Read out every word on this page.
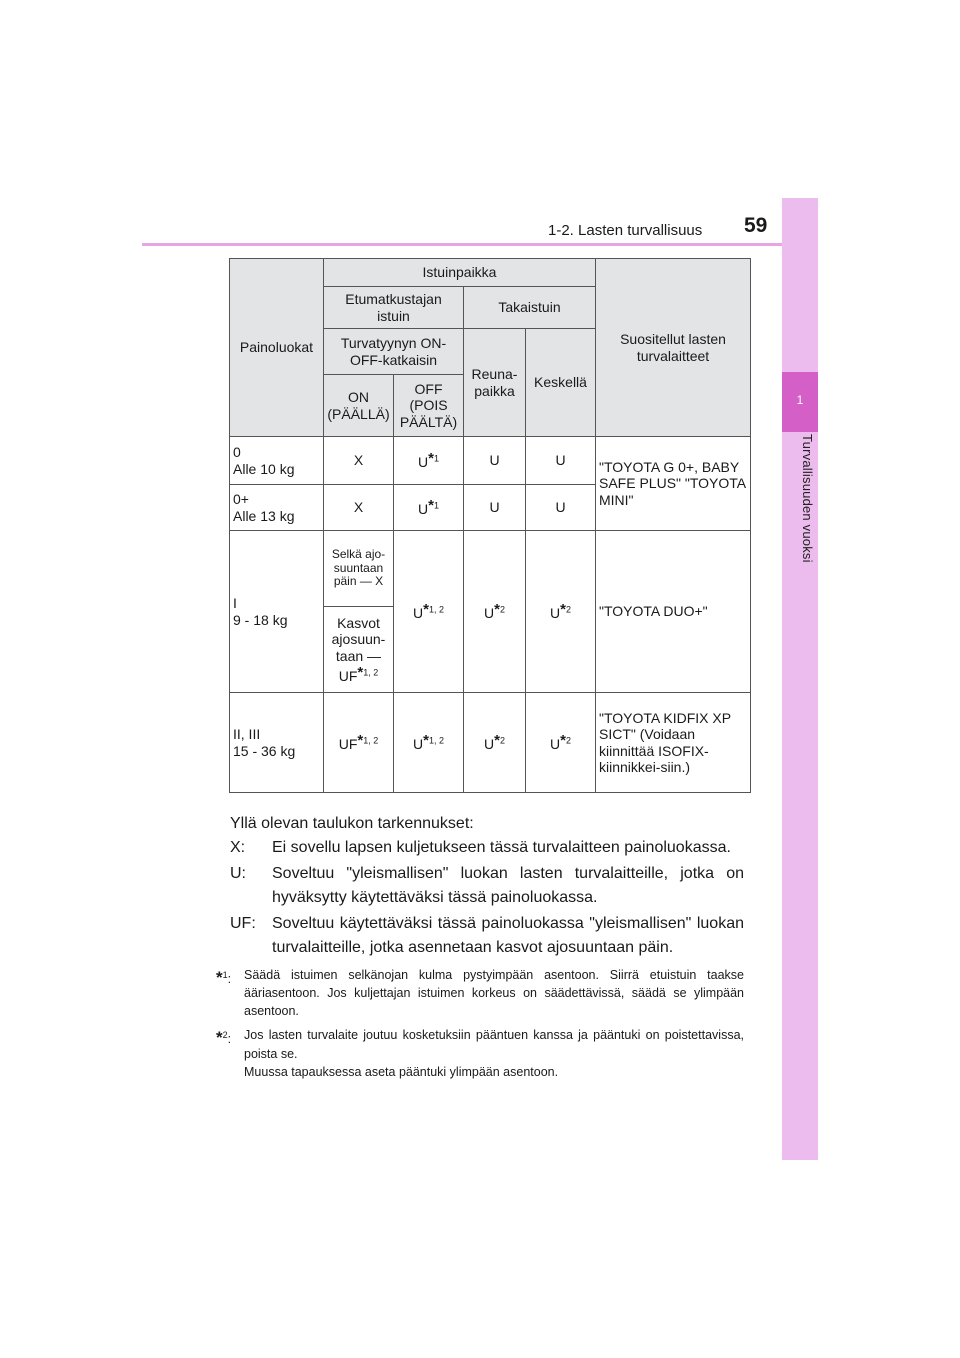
1-2. Lasten turvallisuus 59
1
Turvallisuuden vuoksi
Painoluokat	Istuinpaikka				Suositellut lasten turvalaitteet
	Etumatkustajan istuin		Takaistuin		
	Turvatyynyn ON-OFF-katkaisin		Reuna-paikka	Keskellä	
	ON (PÄÄLLÄ)	OFF (POIS PÄÄLTÄ)			

0
Alle 10 kg	X	U*$^1$	U	U	"TOYOTA G 0+, BABY SAFE PLUS" "TOYOTA MINI"

0+
Alle 13 kg	X	U*$^1$	U	U	

I
9 - 18 kg	Selkä ajo-suuntaan päin — X	U*$^{1, 2}$	U*$^2$	U*$^2$	"TOYOTA DUO+"

	Kasvot ajosuun-taan —
UF*$^{1, 2}$

II, III
15 - 36 kg	UF*$^{1, 2}$	U*$^{1, 2}$	U*$^2$	U*$^2$	"TOYOTA KIDFIX XP SICT" (Voidaan kiinnittää ISOFIX-kiinnikkei-siin.)
Yllä olevan taulukon tarkennukset:
X:	Ei sovellu lapsen kuljetukseen tässä turvalaitteen painoluokassa.
U:	Soveltuu "yleismallisen" luokan lasten turvalaitteille, jotka on hyväksytty käytettäväksi tässä painoluokassa.
UF:	Soveltuu käytettäväksi tässä painoluokassa "yleismallisen" luokan turvalaitteille, jotka asennetaan kasvot ajosuuntaan päin.
*$^1$:	Säädä istuimen selkänojan kulma pystyimpään asentoon. Siirrä etuistuin taakse ääriasentoon. Jos kuljettajan istuimen korkeus on säädettävissä, säädä se ylimpään asentoon.
*$^2$:	Jos lasten turvalaite joutuu kosketuksiin pääntuen kanssa ja pääntuki on poistettavissa, poista se.
Muussa tapauksessa aseta pääntuki ylimpään asentoon.
